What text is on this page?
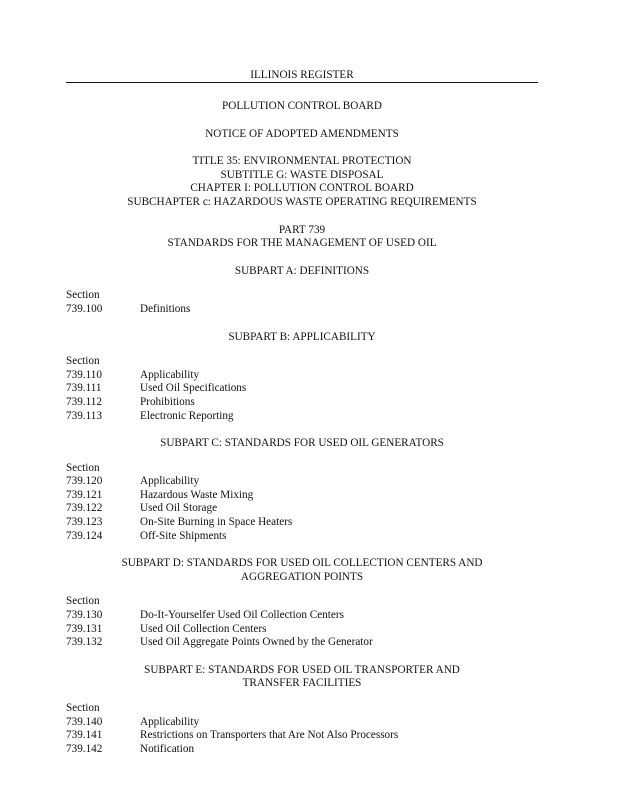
ILLINOIS REGISTER

POLLUTION CONTROL BOARD

NOTICE OF ADOPTED AMENDMENTS

TITLE 35: ENVIRONMENTAL PROTECTION

SUBTITLE G: WASTE DISPOSAL

CHAPTER I: POLLUTION CONTROL BOARD

SUBCHAPTER c: HAZARDOUS WASTE OPERATING REQUIREMENTS

PART 739

STANDARDS FOR THE MANAGEMENT OF USED OIL

SUBPART A: DEFINITIONS

Section

739.100	Definitions

SUBPART B: APPLICABILITY

Section

739.110	Applicability
739.111	Used Oil Specifications
739.112	Prohibitions
739.113	Electronic Reporting

SUBPART C: STANDARDS FOR USED OIL GENERATORS

Section

739.120	Applicability
739.121	Hazardous Waste Mixing
739.122	Used Oil Storage
739.123	On-Site Burning in Space Heaters
739.124	Off-Site Shipments

SUBPART D: STANDARDS FOR USED OIL COLLECTION CENTERS AND

AGGREGATION POINTS

Section

739.130	Do-It-Yourselfer Used Oil Collection Centers
739.131	Used Oil Collection Centers
739.132	Used Oil Aggregate Points Owned by the Generator

SUBPART E: STANDARDS FOR USED OIL TRANSPORTER AND

TRANSFER FACILITIES

Section

739.140	Applicability
739.141	Restrictions on Transporters that Are Not Also Processors
739.142	Notification
